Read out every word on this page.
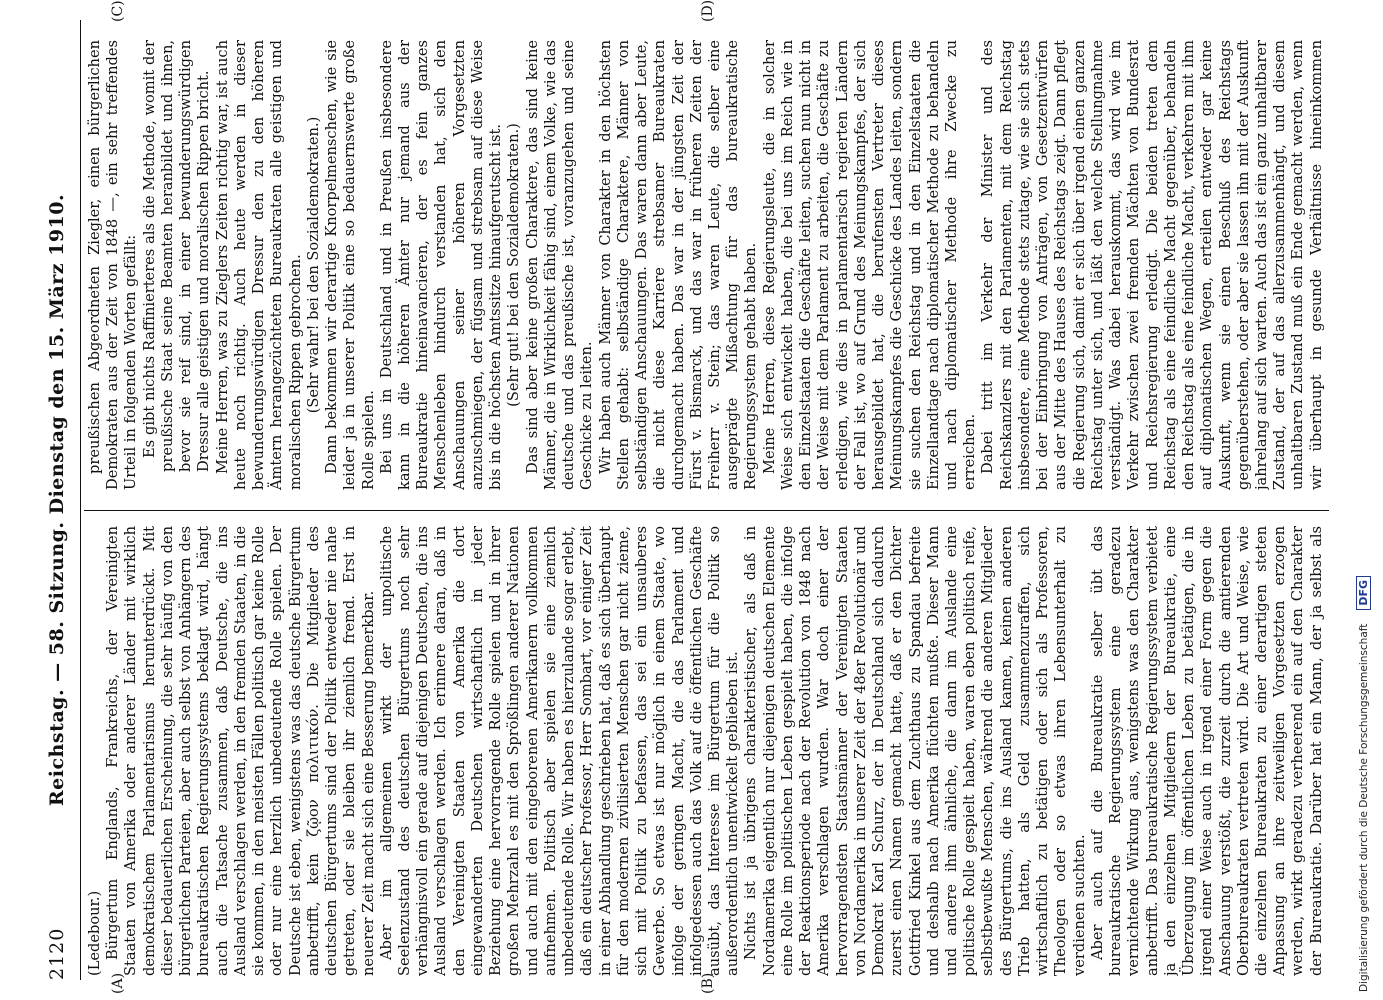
2120
Reichstag. — 58. Sitzung. Dienstag den 15. März 1910.
(A)	(B)
(C)	(D)

(Ledebour.) Bürgertum Englands, Frankreichs, der Vereinigten Staaten von Amerika oder anderer Länder mit wirklich demokratischem Parlamentarismus herunterdrückt. Mit dieser bedauerlichen Erscheinung, die sehr häufig von den bürgerlichen Parteien, aber auch selbst von Anhängern des bureaukratischen Regierungssystems beklagt wird, hängt auch die Tatsache zusammen, daß Deutsche, die ins Ausland verschlagen werden, in den fremden Staaten, in die sie kommen, in den meisten Fällen politisch gar keine Rolle oder nur eine herzlich unbedeutende Rolle spielen. Der Deutsche ist eben, wenigstens was das deutsche Bürgertum anbetrifft, kein ζῷον πολιτικόν. Die Mitglieder des deutschen Bürgertums sind der Politik entweder nie nahe getreten, oder sie bleiben ihr ziemlich fremd. Erst in neuerer Zeit macht sich eine Besserung bemerkbar. Aber im allgemeinen wirkt der unpolitische Seelenzustand des deutschen Bürgertums noch sehr verhängnisvoll ein gerade auf diejenigen Deutschen, die ins Ausland verschlagen werden. Ich erinnere daran, daß in den Vereinigten Staaten von Amerika die dort eingewanderten Deutschen wirtschaftlich in jeder Beziehung eine hervorragende Rolle spielen und in ihrer großen Mehrzahl es mit den Sprößlingen anderer Nationen und auch mit den eingeborenen Amerikanern vollkommen aufnehmen. Politisch aber spielen sie eine ziemlich unbedeutende Rolle. Wir haben es hierzulande sogar erlebt, daß ein deutscher Professor, Herr Sombart, vor einiger Zeit in einer Abhandlung geschrieben hat, daß es sich überhaupt für den modernen zivilisierten Menschen gar nicht zieme, sich mit Politik zu befassen, das sei ein unsauberes Gewerbe. So etwas ist nur möglich in einem Staate, wo infolge der geringen Macht, die das Parlament und infolgedessen auch das Volk auf die öffentlichen Geschäfte ausübt, das Interesse im Bürgertum für die Politik so außerordentlich unentwickelt geblieben ist. Nichts ist ja übrigens charakteristischer, als daß in Nordamerika eigentlich nur diejenigen deutschen Elemente eine Rolle im politischen Leben gespielt haben, die infolge der Reaktionsperiode nach der Revolution von 1848 nach Amerika verschlagen wurden. War doch einer der hervorragendsten Staatsmänner der Vereinigten Staaten von Nordamerika in unserer Zeit der 48er Revolutionär und Demokrat Karl Schurz, der in Deutschland sich dadurch zuerst einen Namen gemacht hatte, daß er den Dichter Gottfried Kinkel aus dem Zuchthaus zu Spandau befreite und deshalb nach Amerika flüchten mußte. Dieser Mann und andere ihm ähnliche, die dann im Auslande eine politische Rolle gespielt haben, waren eben politisch reife, selbstbewußte Menschen, während die anderen Mitglieder des Bürgertums, die ins Ausland kamen, keinen anderen Trieb hatten, als Geld zusammenzuraffen, sich wirtschaftlich zu betätigen oder sich als Professoren, Theologen oder so etwas ihren Lebensunterhalt zu verdienen suchten. Aber auch auf die Bureaukratie selber übt das bureaukratische Regierungssystem eine geradezu vernichtende Wirkung aus, wenigstens was den Charakter anbetrifft. Das bureaukratische Regierungssystem verbietet ja den einzelnen Mitgliedern der Bureaukratie, eine Überzeugung im öffentlichen Leben zu betätigen, die in irgend einer Weise auch in irgend einer Form gegen die Anschauung verstößt, die zurzeit durch die amtierenden Oberbureaukraten vertreten wird. Die Art und Weise, wie die einzelnen Bureaukraten zu einer derartigen steten Anpassung an ihre zeitweiligen Vorgesetzten erzogen werden, wirkt geradezu verheerend ein auf den Charakter der Bureaukratie. Darüber hat ein Mann, der ja selbst als

preußischen Abgeordneten Ziegler, einen bürgerlichen Demokraten aus der Zeit von 1848 —, ein sehr treffendes Urteil in folgenden Worten gefällt: Es gibt nichts Raffinierteres als die Methode, womit der preußische Staat seine Beamten heranbildet und ihnen, bevor sie reif sind, in einer bewunderungswürdigen Dressur alle geistigen und moralischen Rippen bricht. Meine Herren, was zu Zieglers Zeiten richtig war, ist auch heute noch richtig. Auch heute werden in dieser bewunderungswürdigen Dressur den zu den höheren Ämtern herangezüchteten Bureaukraten alle geistigen und moralischen Rippen gebrochen. (Sehr wahr! bei den Sozialdemokraten.) Dann bekommen wir derartige Knorpelmenschen, wie sie leider ja in unserer Politik eine so bedauernswerte große Rolle spielen. Bei uns in Deutschland und in Preußen insbesondere kann in die höheren Ämter nur jemand aus der Bureaukratie hineinavancieren, der es fein ganzes Menschenleben hindurch verstanden hat, sich den Anschauungen seiner höheren Vorgesetzten anzuschmiegen, der fügsam und strebsam auf diese Weise bis in die höchsten Amtssitze hinaufgerutscht ist. (Sehr gut! bei den Sozialdemokraten.) Das sind aber keine großen Charaktere, das sind keine Männer, die in Wirklichkeit fähig sind, einem Volke, wie das deutsche und das preußische ist, voranzugehen und seine Geschicke zu leiten. Wir haben auch Männer von Charakter in den höchsten Stellen gehabt: selbständige Charaktere, Männer von selbständigen Anschauungen. Das waren dann aber Leute, die nicht diese Karriere strebsamer Bureaukraten durchgemacht haben. Das war in der jüngsten Zeit der Fürst v. Bismarck, und das war in früheren Zeiten der Freiherr v. Stein; das waren Leute, die selber eine ausgeprägte Mißachtung für das bureaukratische Regierungssystem gehabt haben. Meine Herren, diese Regierungsleute, die in solcher Weise sich entwickelt haben, die bei uns im Reich wie in den Einzelstaaten die Geschäfte leiten, suchen nun nicht in der Weise mit dem Parlament zu arbeiten, die Geschäfte zu erledigen, wie dies in parlamentarisch regierten Ländern der Fall ist, wo auf Grund des Meinungskampfes, der sich herausgebildet hat, die berufensten Vertreter dieses Meinungskampfes die Geschicke des Landes leiten, sondern sie suchen den Reichstag und in den Einzelstaaten die Einzellandtage nach diplomatischer Methode zu behandeln und nach diplomatischer Methode ihre Zwecke zu erreichen. Dabei tritt im Verkehr der Minister und des Reichskanzlers mit den Parlamenten, mit dem Reichstag insbesondere, eine Methode stets zutage, wie sie sich stets bei der Einbringung von Anträgen, von Gesetzentwürfen aus der Mitte des Hauses des Reichstags zeigt. Dann pflegt die Regierung sich, damit er sich über irgend einen ganzen Reichstag unter sich, und läßt den welche Stellungnahme verständigt. Was dabei herauskommt, das wird wie im Verkehr zwischen zwei fremden Mächten von Bundesrat und Reichsregierung erledigt. Die beiden treten dem Reichstag als eine feindliche Macht gegenüber, behandeln den Reichstag als eine feindliche Macht, verkehren mit ihm auf diplomatischen Wegen, erteilen entweder gar keine Auskunft, wenn sie einen Beschluß des Reichstags gegenüberstehen, oder aber sie lassen ihn mit der Auskunft jahrelang auf sich warten. Auch das ist ein ganz unhaltbarer Zustand, der auf das allerzusammenhängt, und diesem unhaltbaren Zustand muß ein Ende gemacht werden, wenn wir überhaupt in gesunde Verhältnisse hineinkommen

Digitalisierung gefördert durch die Deutsche ForschungsgemeinschaftDFG
